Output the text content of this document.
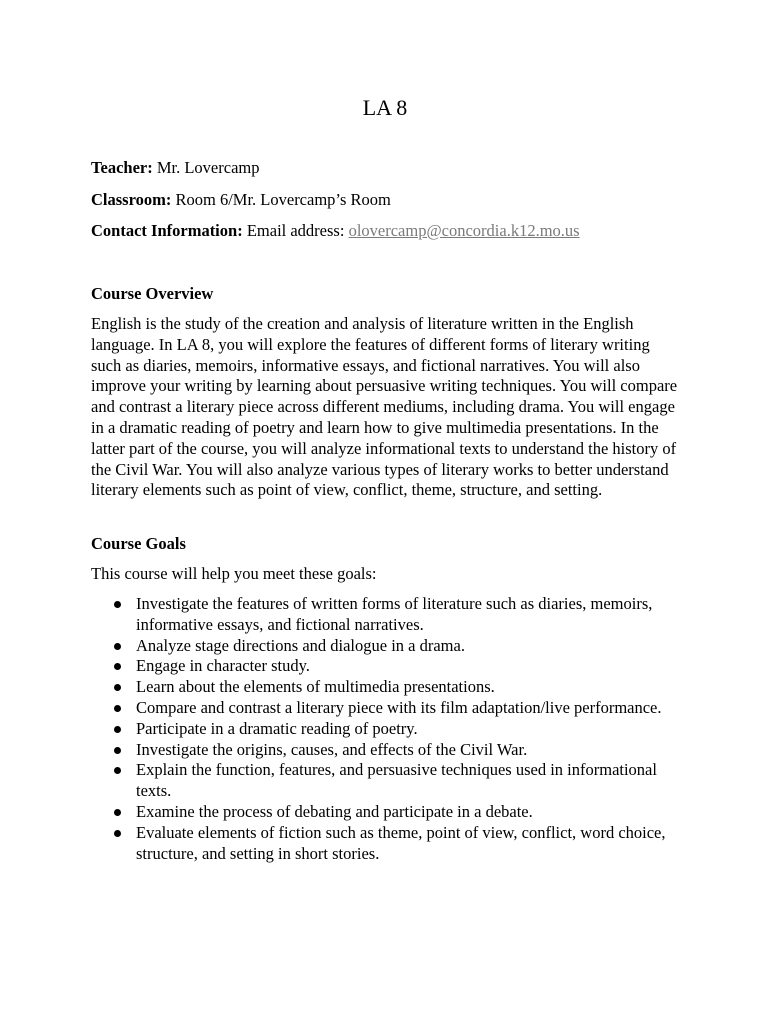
LA 8
Teacher: Mr. Lovercamp
Classroom: Room 6/Mr. Lovercamp’s Room
Contact Information: Email address: olovercamp@concordia.k12.mo.us
Course Overview
English is the study of the creation and analysis of literature written in the English language. In LA 8, you will explore the features of different forms of literary writing such as diaries, memoirs, informative essays, and fictional narratives. You will also improve your writing by learning about persuasive writing techniques. You will compare and contrast a literary piece across different mediums, including drama. You will engage in a dramatic reading of poetry and learn how to give multimedia presentations. In the latter part of the course, you will analyze informational texts to understand the history of the Civil War. You will also analyze various types of literary works to better understand literary elements such as point of view, conflict, theme, structure, and setting.
Course Goals
This course will help you meet these goals:
Investigate the features of written forms of literature such as diaries, memoirs, informative essays, and fictional narratives.
Analyze stage directions and dialogue in a drama.
Engage in character study.
Learn about the elements of multimedia presentations.
Compare and contrast a literary piece with its film adaptation/live performance.
Participate in a dramatic reading of poetry.
Investigate the origins, causes, and effects of the Civil War.
Explain the function, features, and persuasive techniques used in informational texts.
Examine the process of debating and participate in a debate.
Evaluate elements of fiction such as theme, point of view, conflict, word choice, structure, and setting in short stories.
